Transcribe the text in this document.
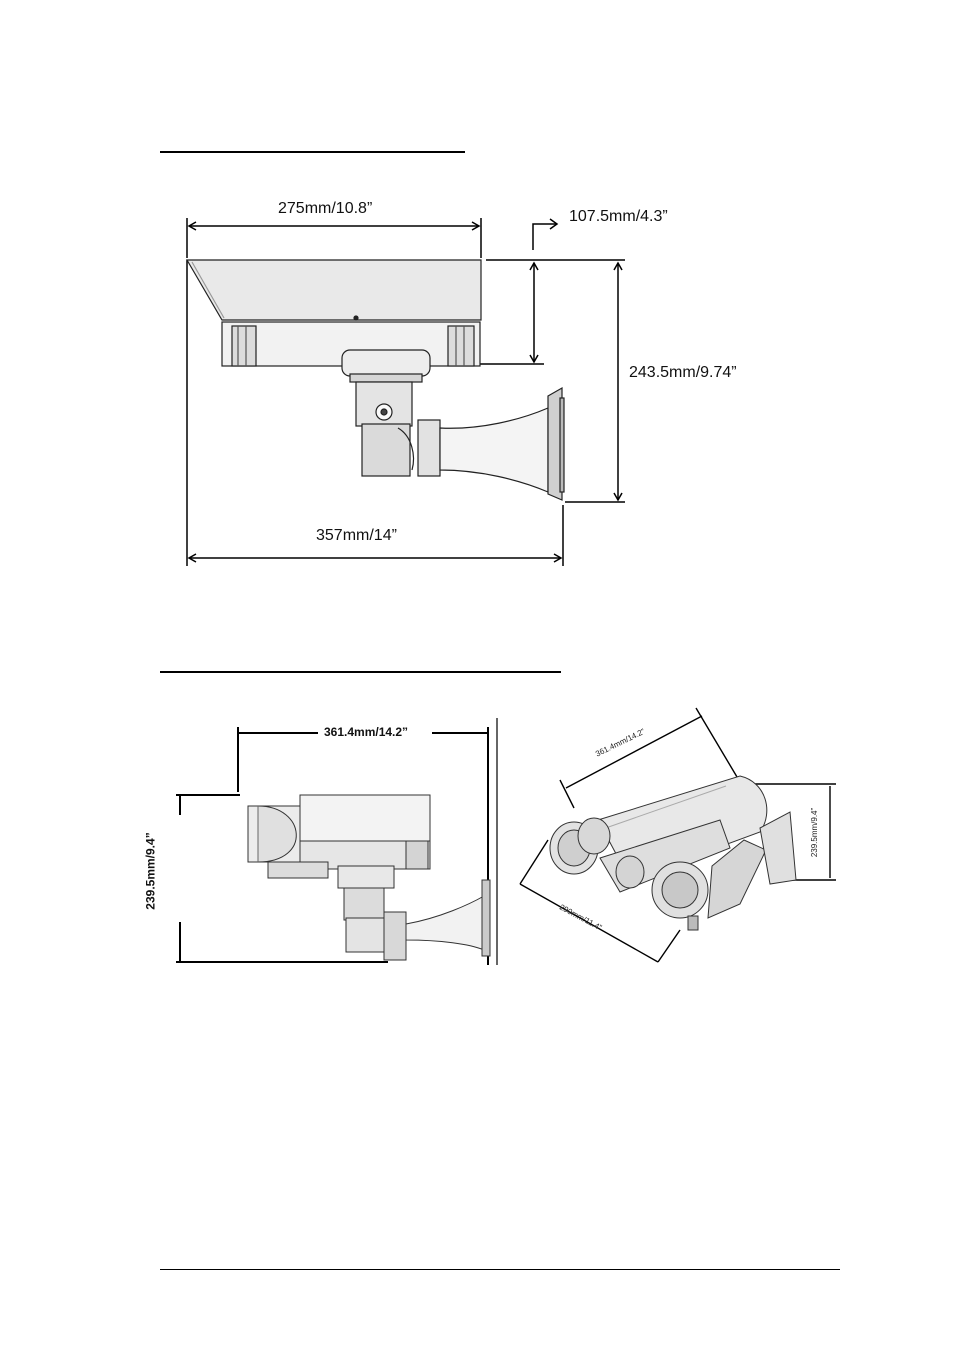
275mm/10.8”	107.5mm/4.3”
243.5mm/9.74”
357mm/14”
361.4mm/14.2”
239.5mm/9.4”
361.4mm/14.2”
239.5mm/9.4”
290mm/11.4”
